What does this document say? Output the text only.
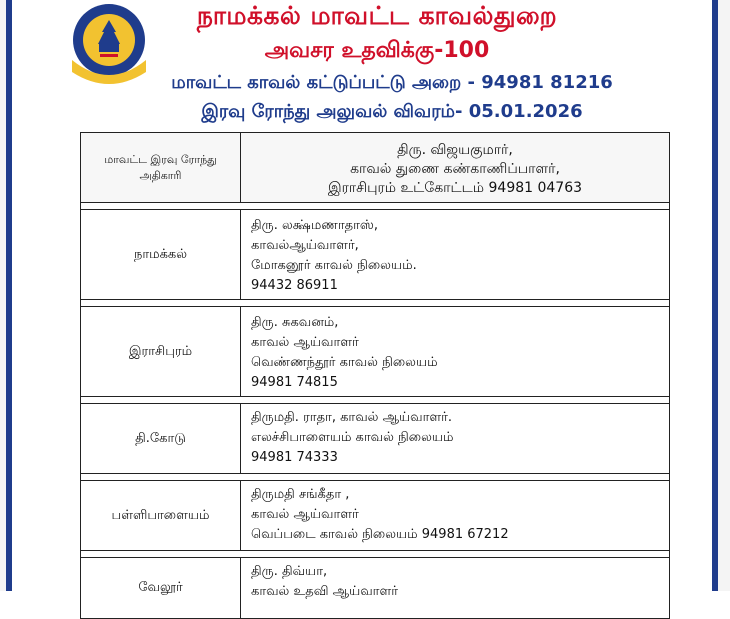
நாமக்கல் மாவட்ட காவல்துறை
அவசர உதவிக்கு-100
மாவட்ட காவல் கட்டுப்பட்டு அறை - 94981 81216
இரவு ரோந்து அலுவல் விவரம்- 05.01.2026
மாவட்ட இரவு ரோந்து அதிகாரி
திரு. விஜயகுமார்,
காவல் துணை கண்காணிப்பாளர்,
இராசிபுரம் உட்கோட்டம் 94981 04763
நாமக்கல்
திரு. லக்ஷ்மணாதாஸ்,
காவல்ஆய்வாளர்,
மோகனூர் காவல் நிலையம்.
94432 86911
இராசிபுரம்
திரு. சுகவனம்,
காவல் ஆய்வாளர்
வெண்ணந்தூர் காவல் நிலையம்
94981 74815
தி.கோடு
திருமதி. ராதா, காவல் ஆய்வாளர்.
எலச்சிபாளையம் காவல் நிலையம்
94981 74333
பள்ளிபாளையம்
திருமதி சங்கீதா ,
காவல் ஆய்வாளர்
வெப்படை காவல் நிலையம் 94981 67212
வேலூர்
திரு. திவ்யா,
காவல் உதவி ஆய்வாளர்
